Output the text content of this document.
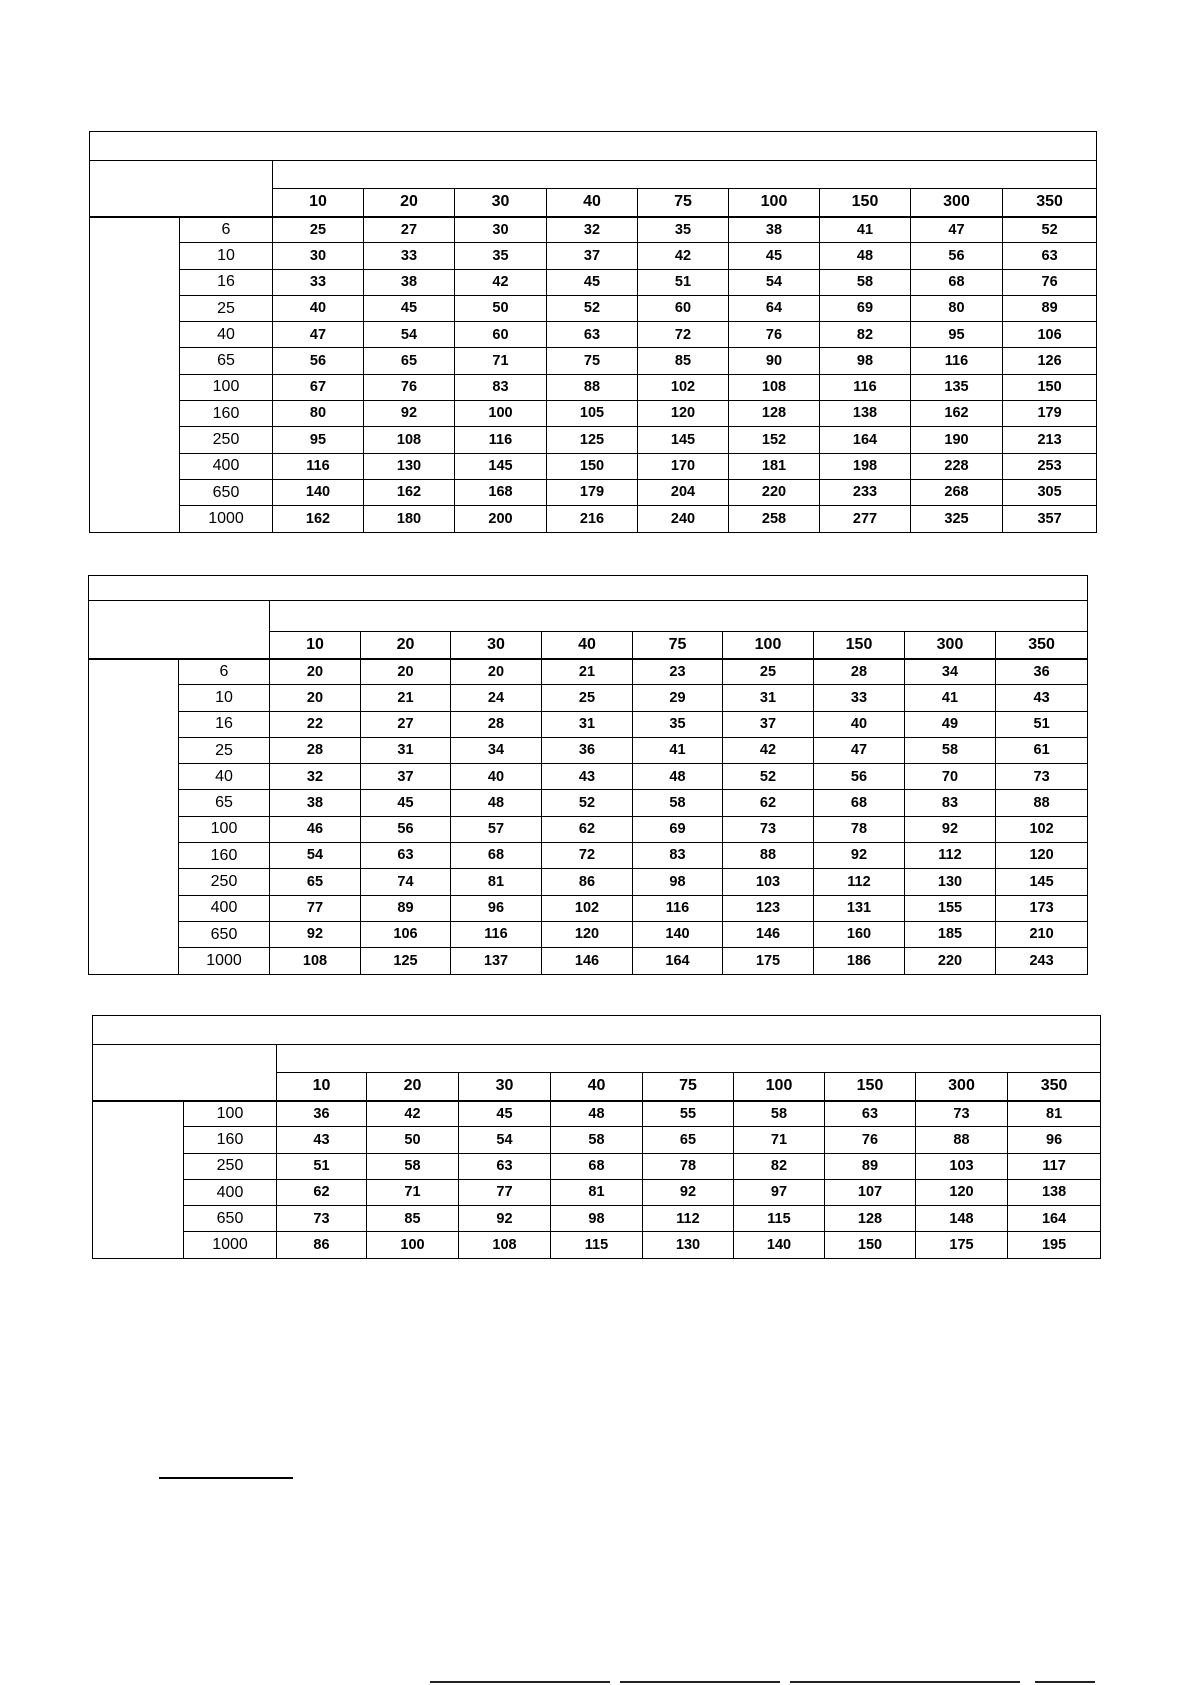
		10	20	30	40	75	100	150	300	350
	6	25	27	30	32	35	38	41	47	52
	10	30	33	35	37	42	45	48	56	63
	16	33	38	42	45	51	54	58	68	76
	25	40	45	50	52	60	64	69	80	89
	40	47	54	60	63	72	76	82	95	106
	65	56	65	71	75	85	90	98	116	126
	100	67	76	83	88	102	108	116	135	150
	160	80	92	100	105	120	128	138	162	179
	250	95	108	116	125	145	152	164	190	213
	400	116	130	145	150	170	181	198	228	253
	650	140	162	168	179	204	220	233	268	305
	1000	162	180	200	216	240	258	277	325	357

		10	20	30	40	75	100	150	300	350
	6	20	20	20	21	23	25	28	34	36
	10	20	21	24	25	29	31	33	41	43
	16	22	27	28	31	35	37	40	49	51
	25	28	31	34	36	41	42	47	58	61
	40	32	37	40	43	48	52	56	70	73
	65	38	45	48	52	58	62	68	83	88
	100	46	56	57	62	69	73	78	92	102
	160	54	63	68	72	83	88	92	112	120
	250	65	74	81	86	98	103	112	130	145
	400	77	89	96	102	116	123	131	155	173
	650	92	106	116	120	140	146	160	185	210
	1000	108	125	137	146	164	175	186	220	243

		10	20	30	40	75	100	150	300	350
	100	36	42	45	48	55	58	63	73	81
	160	43	50	54	58	65	71	76	88	96
	250	51	58	63	68	78	82	89	103	117
	400	62	71	77	81	92	97	107	120	138
	650	73	85	92	98	112	115	128	148	164
	1000	86	100	108	115	130	140	150	175	195
